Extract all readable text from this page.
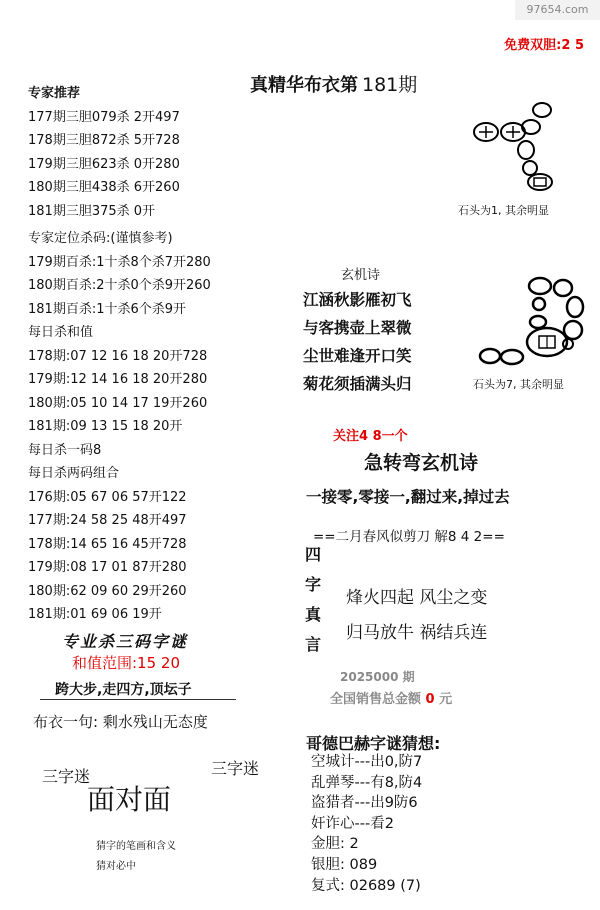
97654.com
免费双胆:2 5
真精华布衣第 181期
专家推荐
177期三胆079杀 2开497
178期三胆872杀 5开728
179期三胆623杀 0开280
180期三胆438杀 6开260
181期三胆375杀 0开
专家定位杀码:(谨慎参考)
179期百杀:1十杀8个杀7开280
180期百杀:2十杀0个杀9开260
181期百杀:1十杀6个杀9开
每日杀和值
178期:07 12 16 18 20开728
179期:12 14 16 18 20开280
180期:05 10 14 17 19开260
181期:09 13 15 18 20开
每日杀一码8
每日杀两码组合
176期:05 67 06 57开122
177期:24 58 25 48开497
178期:14 65 16 45开728
179期:08 17 01 87开280
180期:62 09 60 29开260
181期:01 69 06 19开
专业杀三码字谜
和值范围:15 20
跨大步,走四方,顶坛子
布衣一句: 剩水残山无态度
三字迷
面对面
三字迷
猜字的笔画和含义
猜对必中
石头为1, 其余明显
玄机诗
江涵秋影雁初飞
与客携壶上翠微
尘世难逢开口笑
菊花须插满头归
关注4 8一个
石头为7, 其余明显
急转弯玄机诗
一接零,零接一,翻过来,掉过去
==二月春风似剪刀 解8 4 2==
四
字
真
言
烽火四起 风尘之变
归马放牛 祸结兵连
2025000 期
全国销售总金额 0 元
哥德巴赫字谜猜想:
空城计---出0,防7
乱弹琴---有8,防4
盗猎者---出9防6
奸诈心---看2
金胆: 2
银胆: 089
复式: 02689 (7)
